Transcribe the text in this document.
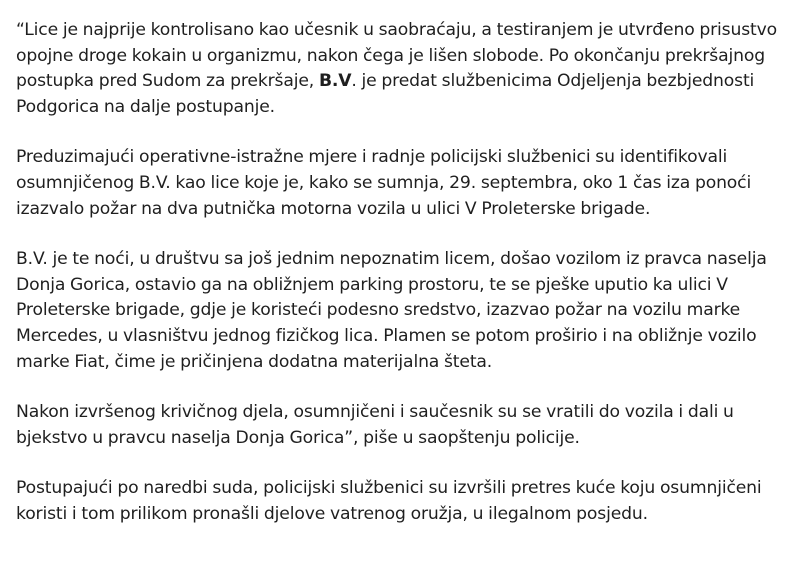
“Lice je najprije kontrolisano kao učesnik u saobraćaju, a testiranjem je utvrđeno prisustvo opojne droge kokain u organizmu, nakon čega je lišen slobode. Po okončanju prekršajnog postupka pred Sudom za prekršaje, B.V. je predat službenicima Odjeljenja bezbjednosti Podgorica na dalje postupanje.

Preduzimajući operativne-istražne mjere i radnje policijski službenici su identifikovali osumnjičenog B.V. kao lice koje je, kako se sumnja, 29. septembra, oko 1 čas iza ponoći izazvalo požar na dva putnička motorna vozila u ulici V Proleterske brigade.

B.V. je te noći, u društvu sa još jednim nepoznatim licem, došao vozilom iz pravca naselja Donja Gorica, ostavio ga na obližnjem parking prostoru, te se pješke uputio ka ulici V Proleterske brigade, gdje je koristeći podesno sredstvo, izazvao požar na vozilu marke Mercedes, u vlasništvu jednog fizičkog lica. Plamen se potom proširio i na obližnje vozilo marke Fiat, čime je pričinjena dodatna materijalna šteta.

Nakon izvršenog krivičnog djela, osumnjičeni i saučesnik su se vratili do vozila i dali u bjekstvo u pravcu naselja Donja Gorica”, piše u saopštenju policije.

Postupajući po naredbi suda, policijski službenici su izvršili pretres kuće koju osumnjičeni koristi i tom prilikom pronašli djelove vatrenog oružja, u ilegalnom posjedu.
